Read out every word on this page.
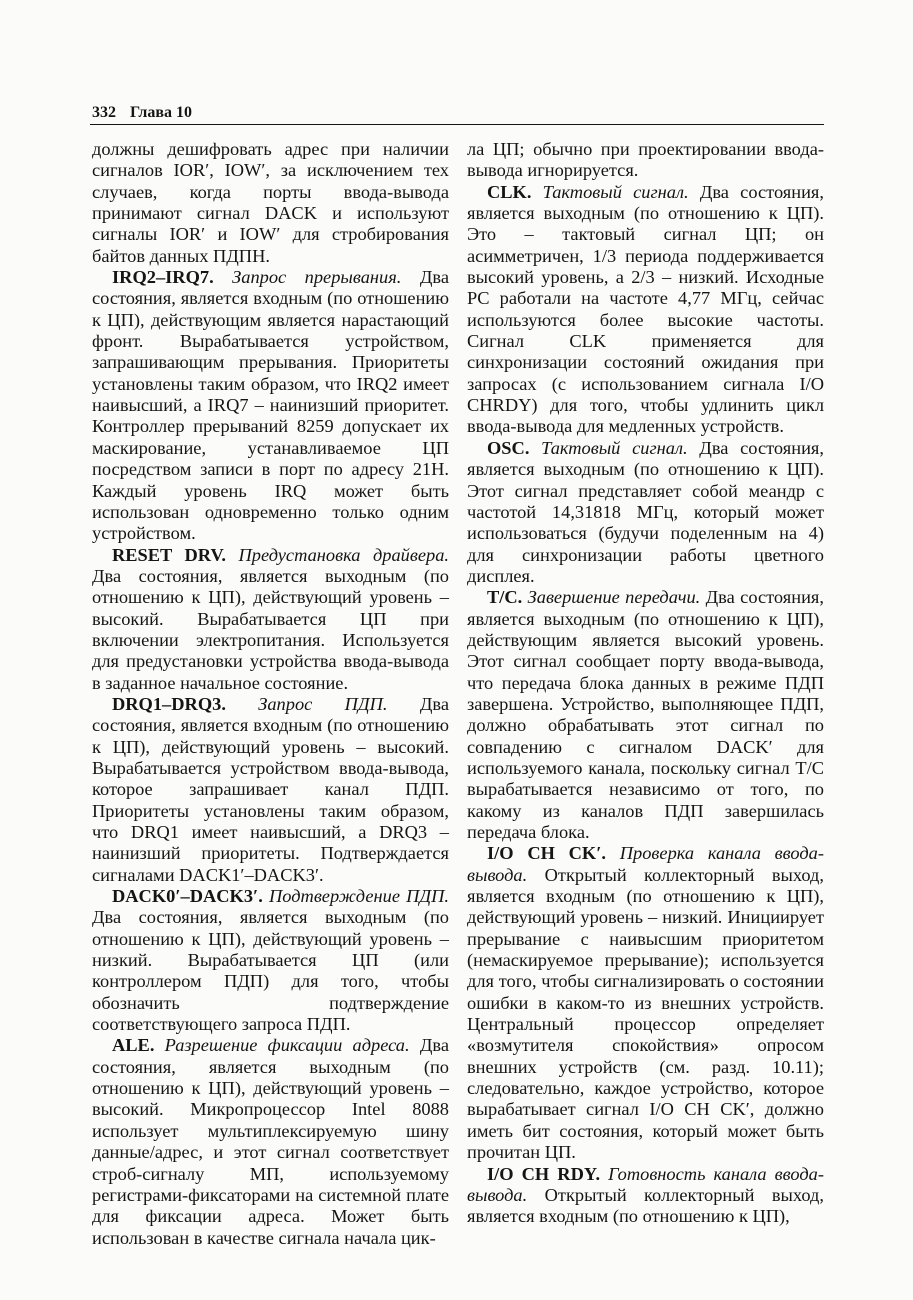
332 Глава 10

должны дешифровать адрес при наличии сигналов IOR′, IOW′, за исключением тех случаев, когда порты ввода-вывода принимают сигнал DACK и используют сигналы IOR′ и IOW′ для стробирования байтов данных ПДПН.

IRQ2–IRQ7. Запрос прерывания. Два состояния, является входным (по отношению к ЦП), действующим является нарастающий фронт. Вырабатывается устройством, запрашивающим прерывания. Приоритеты установлены таким образом, что IRQ2 имеет наивысший, а IRQ7 – наинизший приоритет. Контроллер прерываний 8259 допускает их маскирование, устанавливаемое ЦП посредством записи в порт по адресу 21Н. Каждый уровень IRQ может быть использован одновременно только одним устройством.

RESET DRV. Предустановка драйвера. Два состояния, является выходным (по отношению к ЦП), действующий уровень – высокий. Вырабатывается ЦП при включении электропитания. Используется для предустановки устройства ввода-вывода в заданное начальное состояние.

DRQ1–DRQ3. Запрос ПДП. Два состояния, является входным (по отношению к ЦП), действующий уровень – высокий. Вырабатывается устройством ввода-вывода, которое запрашивает канал ПДП. Приоритеты установлены таким образом, что DRQ1 имеет наивысший, а DRQ3 – наинизший приоритеты. Подтверждается сигналами DACK1′–DACK3′.

DACK0′–DACK3′. Подтверждение ПДП. Два состояния, является выходным (по отношению к ЦП), действующий уровень – низкий. Вырабатывается ЦП (или контроллером ПДП) для того, чтобы обозначить подтверждение соответствующего запроса ПДП.

ALE. Разрешение фиксации адреса. Два состояния, является выходным (по отношению к ЦП), действующий уровень – высокий. Микропроцессор Intel 8088 использует мультиплексируемую шину данные/адрес, и этот сигнал соответствует строб-сигналу МП, используемому регистрами-фиксаторами на системной плате для фиксации адреса. Может быть использован в качестве сигнала начала цик-

ла ЦП; обычно при проектировании ввода-вывода игнорируется.

CLK. Тактовый сигнал. Два состояния, является выходным (по отношению к ЦП). Это – тактовый сигнал ЦП; он асимметричен, 1/3 периода поддерживается высокий уровень, а 2/3 – низкий. Исходные PC работали на частоте 4,77 МГц, сейчас используются более высокие частоты. Сигнал CLK применяется для синхронизации состояний ожидания при запросах (с использованием сигнала I/O CHRDY) для того, чтобы удлинить цикл ввода-вывода для медленных устройств.

OSC. Тактовый сигнал. Два состояния, является выходным (по отношению к ЦП). Этот сигнал представляет собой меандр с частотой 14,31818 МГц, который может использоваться (будучи поделенным на 4) для синхронизации работы цветного дисплея.

T/C. Завершение передачи. Два состояния, является выходным (по отношению к ЦП), действующим является высокий уровень. Этот сигнал сообщает порту ввода-вывода, что передача блока данных в режиме ПДП завершена. Устройство, выполняющее ПДП, должно обрабатывать этот сигнал по совпадению с сигналом DACK′ для используемого канала, поскольку сигнал T/C вырабатывается независимо от того, по какому из каналов ПДП завершилась передача блока.

I/O CH CK′. Проверка канала ввода-вывода. Открытый коллекторный выход, является входным (по отношению к ЦП), действующий уровень – низкий. Инициирует прерывание с наивысшим приоритетом (немаскируемое прерывание); используется для того, чтобы сигнализировать о состоянии ошибки в каком-то из внешних устройств. Центральный процессор определяет «возмутителя спокойствия» опросом внешних устройств (см. разд. 10.11); следовательно, каждое устройство, которое вырабатывает сигнал I/O CH CK′, должно иметь бит состояния, который может быть прочитан ЦП.

I/O CH RDY. Готовность канала ввода-вывода. Открытый коллекторный выход, является входным (по отношению к ЦП),
